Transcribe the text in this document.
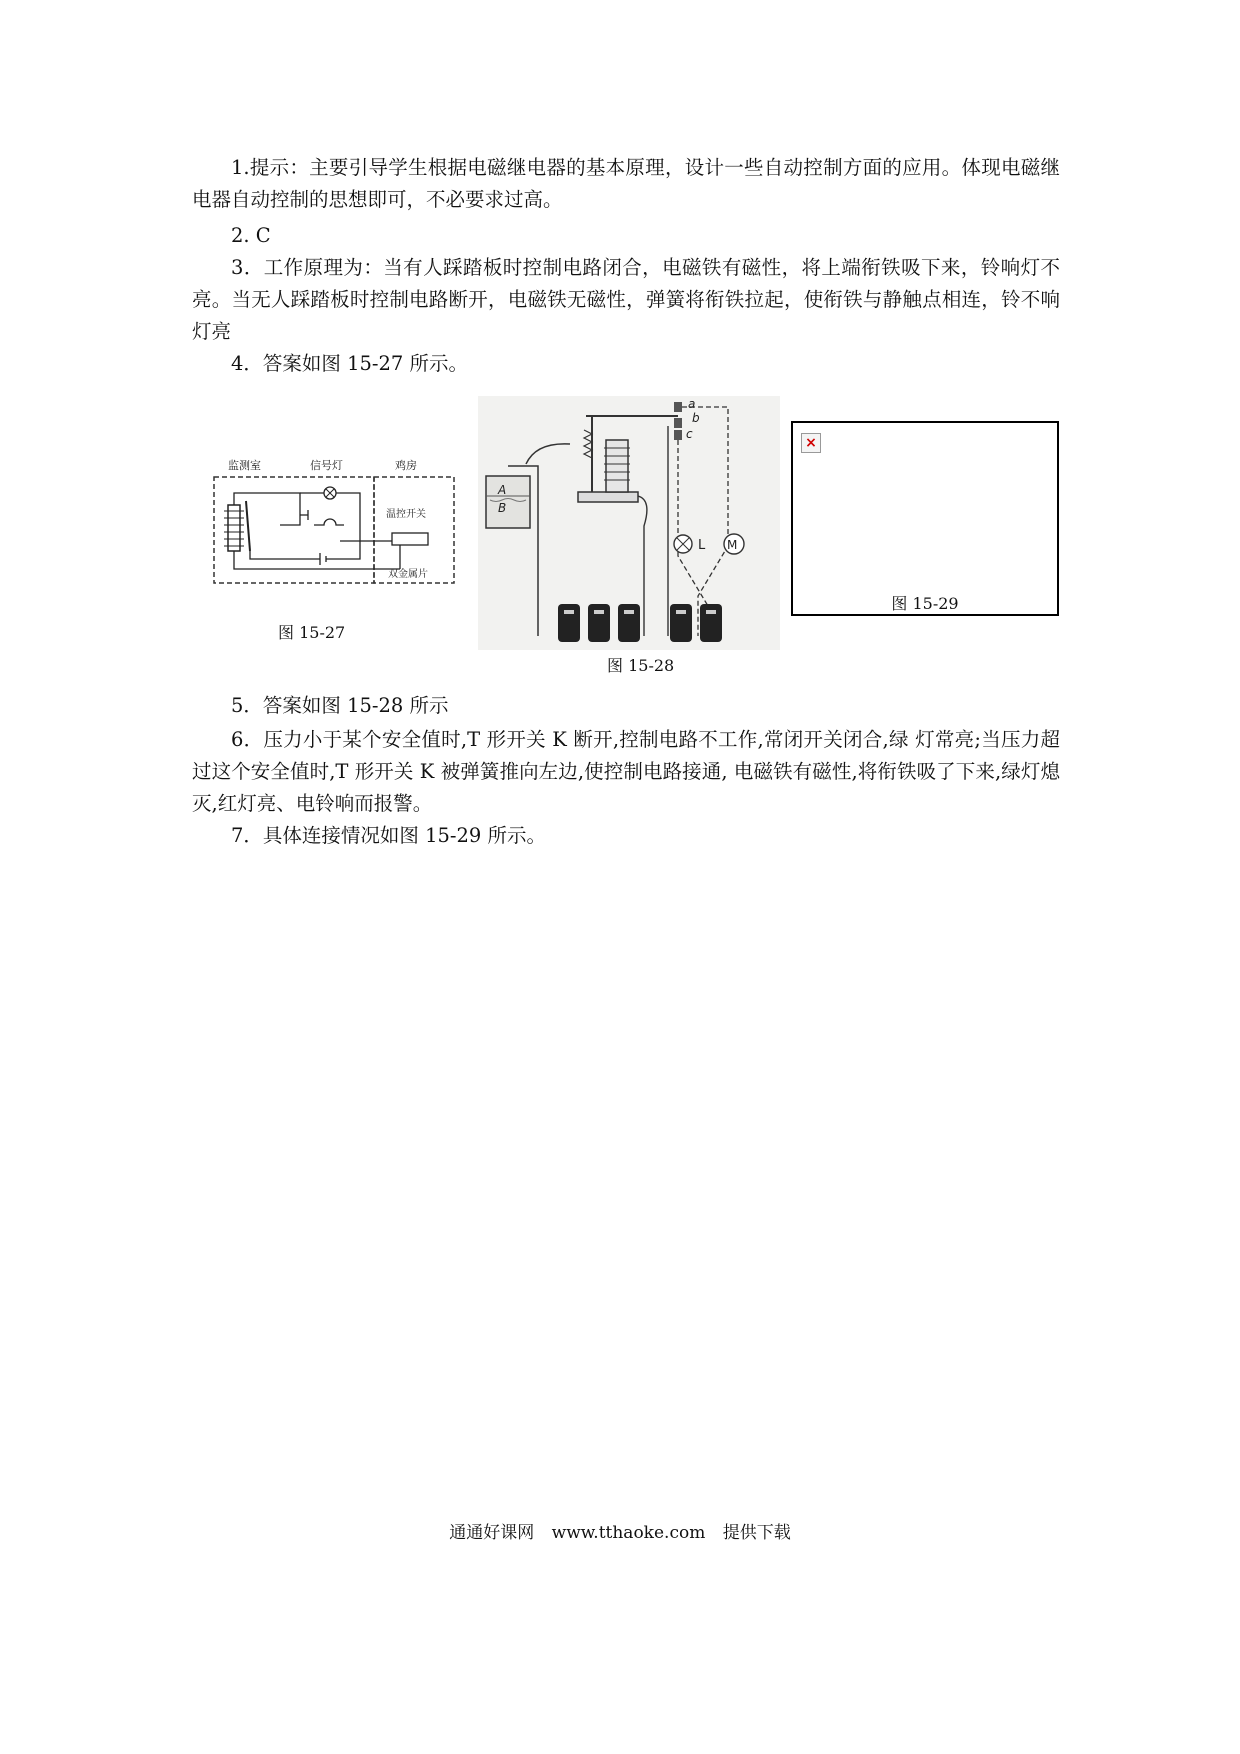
1.提示：主要引导学生根据电磁继电器的基本原理，设计一些自动控制方面的应用。体现电磁继电器自动控制的思想即可，不必要求过高。

2. C

3．工作原理为：当有人踩踏板时控制电路闭合，电磁铁有磁性，将上端衔铁吸下来，铃响灯不亮。当无人踩踏板时控制电路断开，电磁铁无磁性，弹簧将衔铁拉起，使衔铁与静触点相连，铃不响灯亮

4．答案如图 15-27 所示。

监测室	信号灯	鸡房
温控开关
双金属片
图 15-27
A
B
a
b
c
L M
图 15-28
×
图 15-29

5．答案如图 15-28 所示

6．压力小于某个安全值时,T 形开关 K 断开,控制电路不工作,常闭开关闭合,绿 灯常亮;当压力超过这个安全值时,T 形开关 K 被弹簧推向左边,使控制电路接通, 电磁铁有磁性,将衔铁吸了下来,绿灯熄灭,红灯亮、电铃响而报警。

7．具体连接情况如图 15-29 所示。

通通好课网 www.tthaoke.com 提供下载
